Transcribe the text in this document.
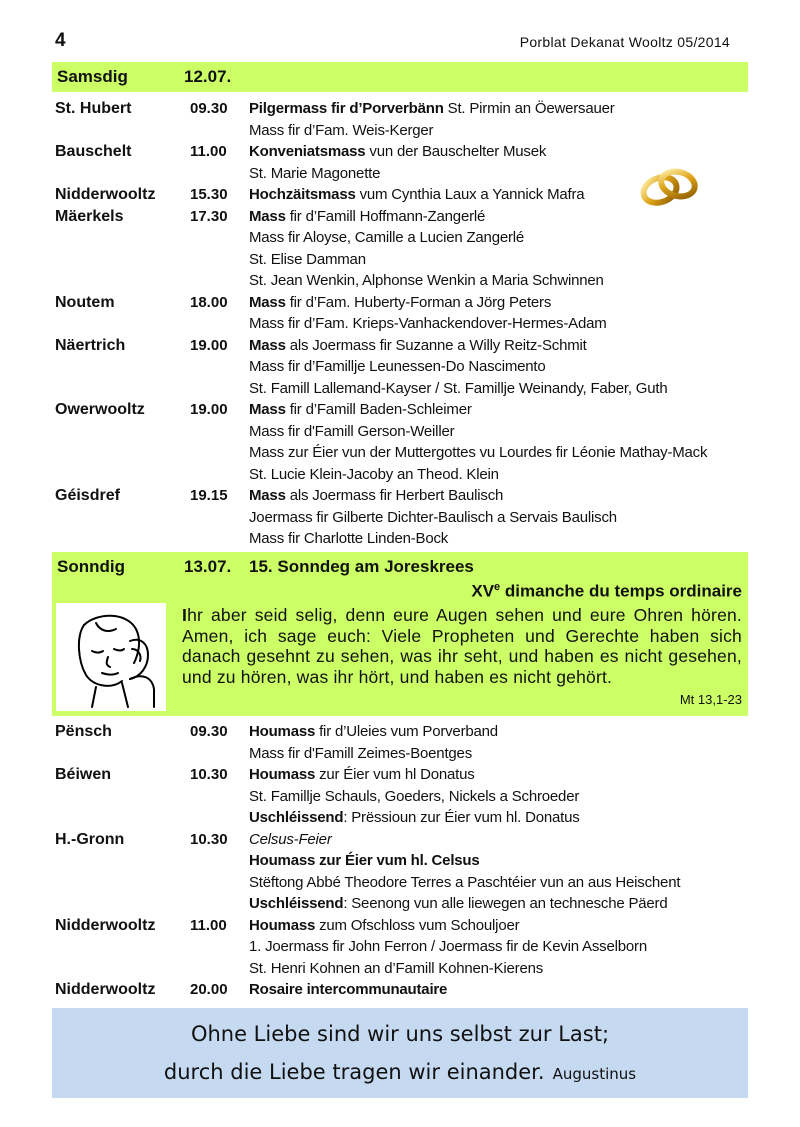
4	Porblat Dekanat Wooltz 05/2014
Samsdig	12.07.
St. Hubert	09.30 Pilgermass fir d’Porverbänn St. Pirmin an Öewersauer
Mass fir d’Fam. Weis-Kerger
Bauschelt	11.00 Konveniatsmass vun der Bauschelter Musek
St. Marie Magonette
Nidderwooltz 15.30 Hochzäitsmass vum Cynthia Laux a Yannick Mafra
Mäerkels	17.30 Mass fir d’Famill Hoffmann-Zangerlé
Mass fir Aloyse, Camille a Lucien Zangerlé
St. Elise Damman
St. Jean Wenkin, Alphonse Wenkin a Maria Schwinnen
Noutem	18.00 Mass fir d’Fam. Huberty-Forman a Jörg Peters
Mass fir d’Fam. Krieps-Vanhackendover-Hermes-Adam
Näertrich	19.00 Mass als Joermass fir Suzanne a Willy Reitz-Schmit
Mass fir d’Famillje Leunessen-Do Nascimento
St. Famill Lallemand-Kayser / St. Famillje Weinandy, Faber, Guth
Owerwooltz	19.00 Mass fir d’Famill Baden-Schleimer
Mass fir d'Famill Gerson-Weiller
Mass zur Éier vun der Muttergottes vu Lourdes fir Léonie Mathay-Mack
St. Lucie Klein-Jacoby an Theod. Klein
Géisdref	19.15 Mass als Joermass fir Herbert Baulisch
Joermass fir Gilberte Dichter-Baulisch a Servais Baulisch
Mass fir Charlotte Linden-Bock
Sonndig	13.07. 15. Sonndeg am Joreskrees
XVe dimanche du temps ordinaire
Ihr aber seid selig, denn eure Augen sehen und eure Ohren hören. Amen, ich sage euch: Viele Propheten und Gerechte haben sich danach gesehnt zu sehen, was ihr seht, und haben es nicht gesehen, und zu hören, was ihr hört, und haben es nicht gehört.
Mt 13,1-23
Pënsch	09.30 Houmass fir d’Uleies vum Porverband
Mass fir d'Famill Zeimes-Boentges
Béiwen	10.30 Houmass zur Éier vum hl Donatus
St. Famillje Schauls, Goeders, Nickels a Schroeder
Uschléissend: Prëssioun zur Éier vum hl. Donatus
H.-Gronn	10.30 Celsus-Feier
Houmass zur Éier vum hl. Celsus
Stëftong Abbé Theodore Terres a Paschtéier vun an aus Heischent
Uschléissend: Seenong vun alle liewegen an technesche Päerd
Nidderwooltz 11.00 Houmass zum Ofschloss vum Schouljoer
1. Joermass fir John Ferron / Joermass fir de Kevin Asselborn
St. Henri Kohnen an d’Famill Kohnen-Kierens
Nidderwooltz 20.00 Rosaire intercommunautaire
Ohne Liebe sind wir uns selbst zur Last;
durch die Liebe tragen wir einander. Augustinus
